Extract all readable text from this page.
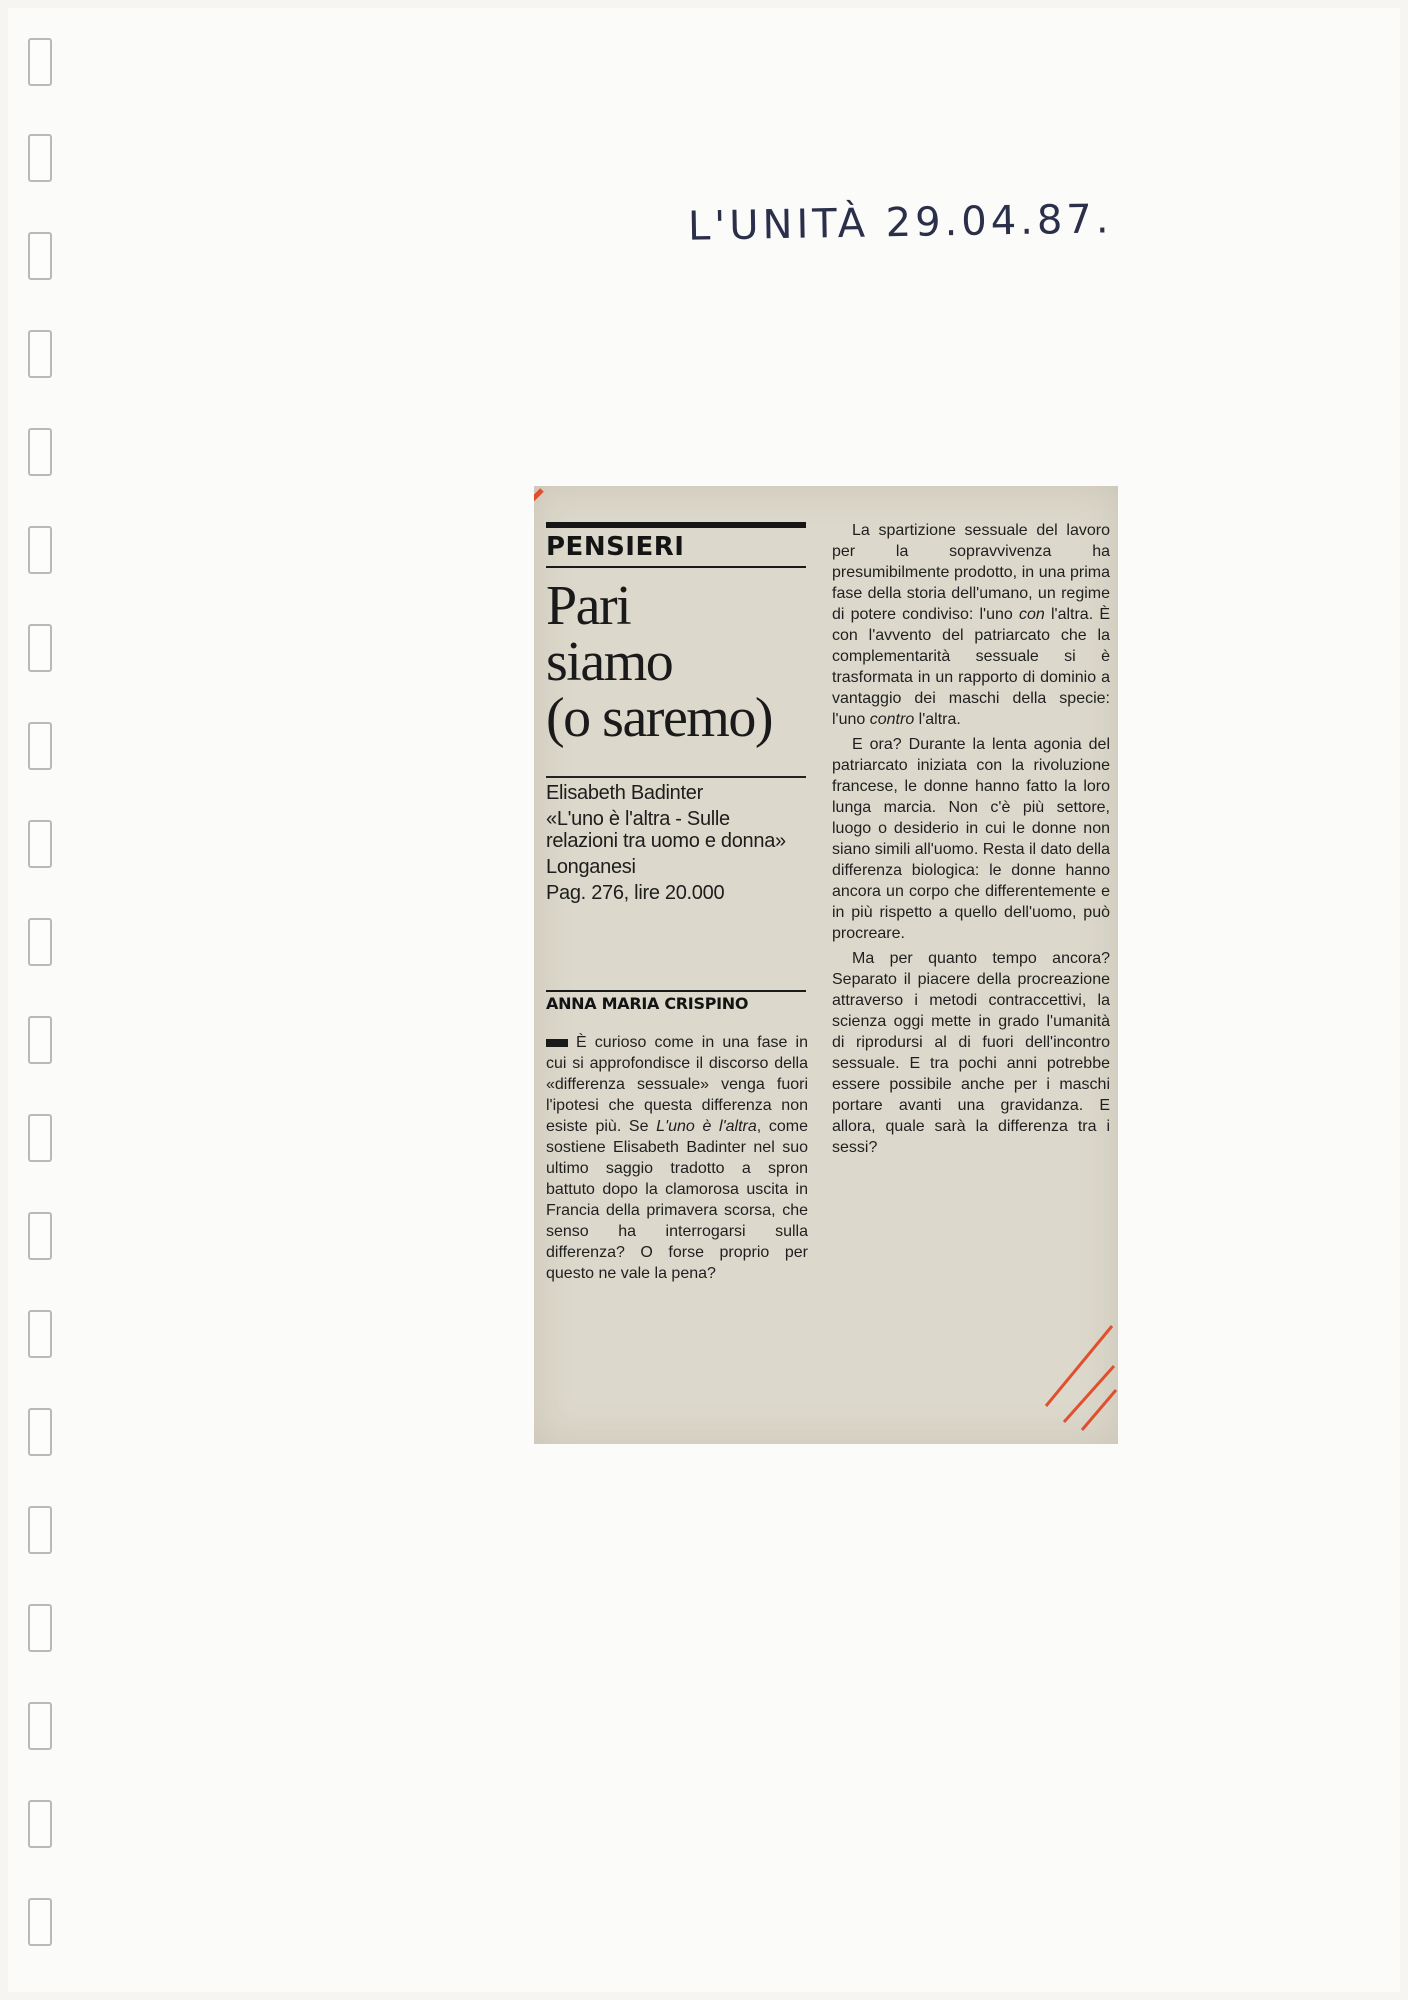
L'UNITÀ 29.04.87.
PENSIERI
Pari
siamo
(o saremo)
Elisabeth Badinter
«L'uno è l'altra - Sulle relazioni tra uomo e donna»
Longanesi
Pag. 276, lire 20.000
ANNA MARIA CRISPINO

È curioso come in una fase in cui si approfondisce il discorso della «differenza sessuale» venga fuori l'ipotesi che questa differenza non esiste più. Se L'uno è l'altra, come sostiene Elisabeth Badinter nel suo ultimo saggio tradotto a spron battuto dopo la clamorosa uscita in Francia della primavera scorsa, che senso ha interrogarsi sulla differenza? O forse proprio per questo ne vale la pena?

La spartizione sessuale del lavoro per la sopravvivenza ha presumibilmente prodotto, in una prima fase della storia dell'umano, un regime di potere condiviso: l'uno con l'altra. È con l'avvento del patriarcato che la complementarità sessuale si è trasformata in un rapporto di dominio a vantaggio dei maschi della specie: l'uno contro l'altra.

E ora? Durante la lenta agonia del patriarcato iniziata con la rivoluzione francese, le donne hanno fatto la loro lunga marcia. Non c'è più settore, luogo o desiderio in cui le donne non siano simili all'uomo. Resta il dato della differenza biologica: le donne hanno ancora un corpo che differentemente e in più rispetto a quello dell'uomo, può procreare.

Ma per quanto tempo ancora? Separato il piacere della procreazione attraverso i metodi contraccettivi, la scienza oggi mette in grado l'umanità di riprodursi al di fuori dell'incontro sessuale. E tra pochi anni potrebbe essere possibile anche per i maschi portare avanti una gravidanza. E allora, quale sarà la differenza tra i sessi?
